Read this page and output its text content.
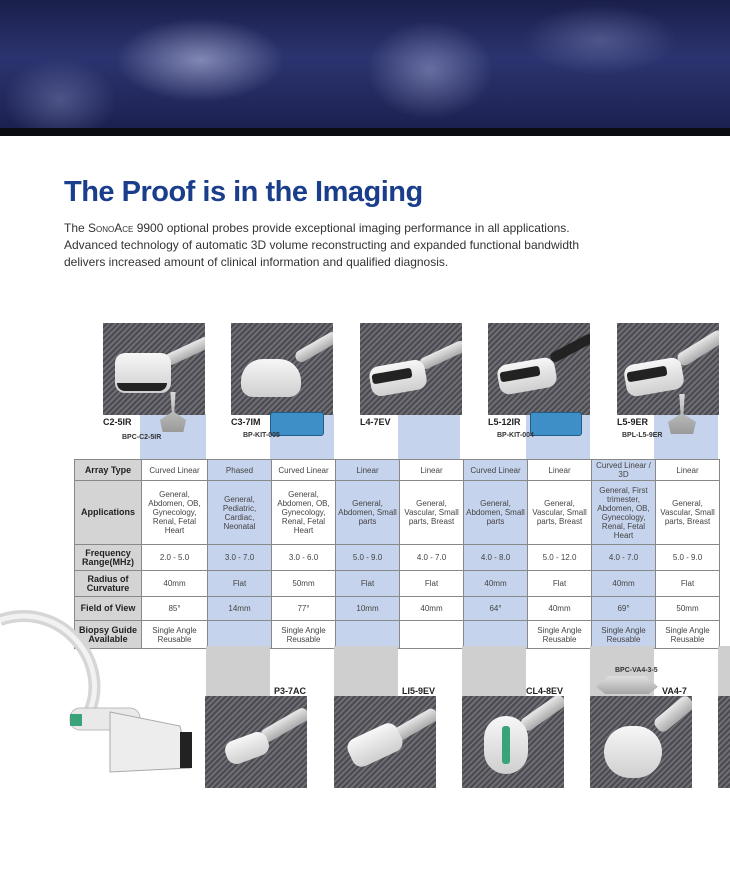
The Proof is in the Imaging
The SonoAce 9900 optional probes provide exceptional imaging performance in all applications. Advanced technology of automatic 3D volume reconstructing and expanded functional bandwidth delivers increased amount of clinical information and qualified diagnosis.
C2-5IR
BPC-C2-5IR
C3-7IM
BP-KIT-005
L4-7EV	L5-12IR
BP-KIT-004
L5-9ER
BPL-L5-9ER
Array Type	Curved Linear	Phased	Curved Linear	Linear	Linear	Curved Linear	Linear	Curved Linear / 3D	Linear
Applications	General, Abdomen, OB, Gynecology, Renal, Fetal Heart	General, Pediatric, Cardiac, Neonatal	General, Abdomen, OB, Gynecology, Renal, Fetal Heart	General, Abdomen, Small parts	General, Vascular, Small parts, Breast	General, Abdomen, Small parts	General, Vascular, Small parts, Breast	General, First trimester, Abdomen, OB, Gynecology, Renal, Fetal Heart	General, Vascular, Small parts, Breast
Frequency Range(MHz)	2.0 - 5.0	3.0 - 7.0	3.0 - 6.0	5.0 - 9.0	4.0 - 7.0	4.0 - 8.0	5.0 - 12.0	4.0 - 7.0	5.0 - 9.0
Radius of Curvature	40mm	Flat	50mm	Flat	Flat	40mm	Flat	40mm	Flat
Field of View	85°	14mm	77°	10mm	40mm	64°	40mm	69°	50mm
Biopsy Guide Available	Single Angle Reusable		Single Angle Reusable				Single Angle Reusable	Single Angle Reusable	Single Angle Reusable
P3-7AC	LI5-9EV	CL4-8EV	VA4-7
BPC-VA4-3-5
